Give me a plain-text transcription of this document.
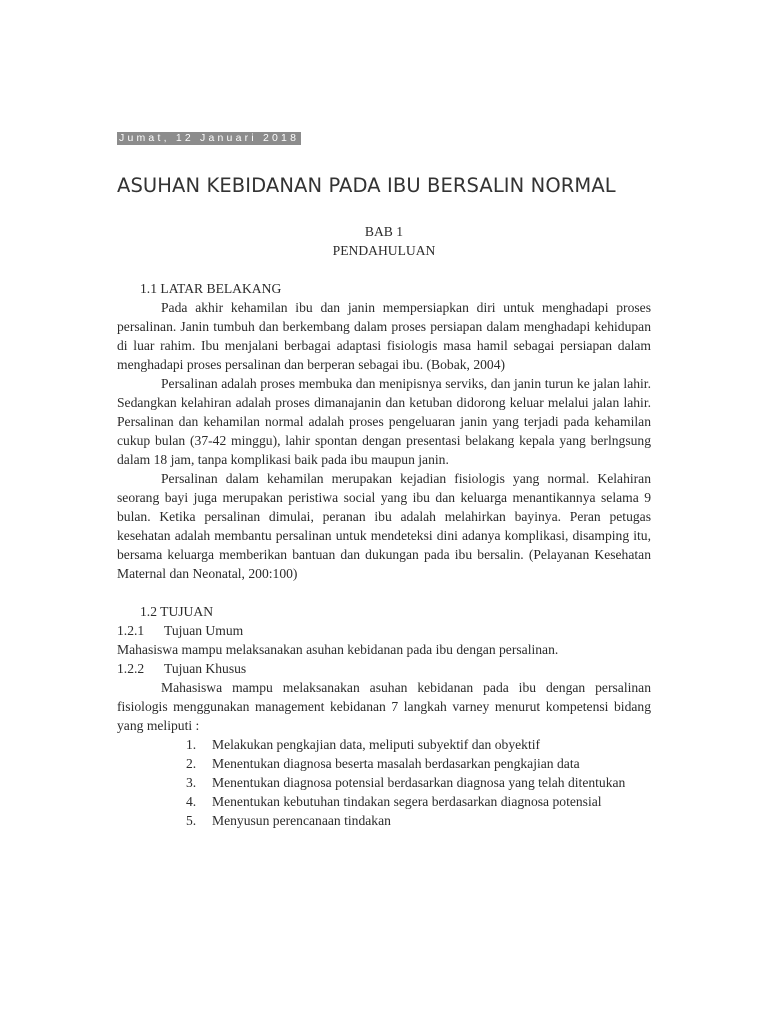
Jumat, 12 Januari 2018
ASUHAN KEBIDANAN PADA IBU BERSALIN NORMAL
BAB 1
PENDAHULUAN
1.1 LATAR BELAKANG

Pada akhir kehamilan ibu dan janin mempersiapkan diri untuk menghadapi proses persalinan. Janin tumbuh dan berkembang dalam proses persiapan dalam menghadapi kehidupan di luar rahim. Ibu menjalani berbagai adaptasi fisiologis masa hamil sebagai persiapan dalam menghadapi proses persalinan dan berperan sebagai ibu. (Bobak, 2004)

Persalinan adalah proses membuka dan menipisnya serviks, dan janin turun ke jalan lahir. Sedangkan kelahiran adalah proses dimanajanin dan ketuban didorong keluar melalui jalan lahir. Persalinan dan kehamilan normal adalah proses pengeluaran janin yang terjadi pada kehamilan cukup bulan (37-42 minggu), lahir spontan dengan presentasi belakang kepala yang berlngsung dalam 18 jam, tanpa komplikasi baik pada ibu maupun janin.

Persalinan dalam kehamilan merupakan kejadian fisiologis yang normal. Kelahiran seorang bayi juga merupakan peristiwa social yang ibu dan keluarga menantikannya selama 9 bulan. Ketika persalinan dimulai, peranan ibu adalah melahirkan bayinya. Peran petugas kesehatan adalah membantu persalinan untuk mendeteksi dini adanya komplikasi, disamping itu, bersama keluarga memberikan bantuan dan dukungan pada ibu bersalin. (Pelayanan Kesehatan Maternal dan Neonatal, 200:100)

1.2 TUJUAN
1.2.1	Tujuan Umum
Mahasiswa mampu melaksanakan asuhan kebidanan pada ibu dengan persalinan.
1.2.2	Tujuan Khusus

Mahasiswa mampu melaksanakan asuhan kebidanan pada ibu dengan persalinan fisiologis menggunakan management kebidanan 7 langkah varney menurut kompetensi bidang yang meliputi :

1.	Melakukan pengkajian data, meliputi subyektif dan obyektif
2.	Menentukan diagnosa beserta masalah berdasarkan pengkajian data
3.	Menentukan diagnosa potensial berdasarkan diagnosa yang telah ditentukan
4.	Menentukan kebutuhan tindakan segera berdasarkan diagnosa potensial
5.	Menyusun perencanaan tindakan
